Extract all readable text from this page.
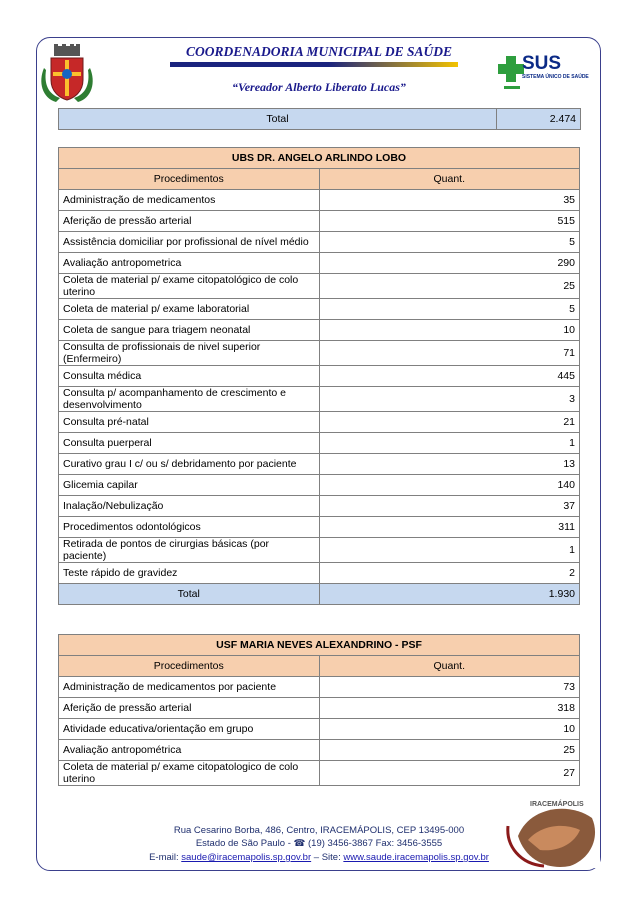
COORDENADORIA MUNICIPAL DE SAÚDE
“Vereador Alberto Liberato Lucas”
SUS
SISTEMA ÚNICO DE SAÚDE
Total	2.474
UBS DR. ANGELO ARLINDO LOBO	
Procedimentos	Quant.
Administração de medicamentos	35
Aferição de pressão arterial	515
Assistência domiciliar por profissional de nível médio	5
Avaliação antropometrica	290
Coleta de material p/ exame citopatológico de colo uterino	25
Coleta de material p/ exame laboratorial	5
Coleta de sangue para triagem neonatal	10
Consulta de profissionais de nivel superior (Enfermeiro)	71
Consulta médica	445
Consulta p/ acompanhamento de crescimento e desenvolvimento	3
Consulta pré-natal	21
Consulta puerperal	1
Curativo grau I c/ ou s/ debridamento por paciente	13
Glicemia capilar	140
Inalação/Nebulização	37
Procedimentos odontológicos	311
Retirada de pontos de cirurgias básicas (por paciente)	1
Teste rápido de gravidez	2
Total	1.930
USF MARIA NEVES ALEXANDRINO - PSF	
Procedimentos	Quant.
Administração de medicamentos por paciente	73
Aferição de pressão arterial	318
Atividade educativa/orientação em grupo	10
Avaliação antropométrica	25
Coleta de material p/ exame citopatologico de colo uterino	27
Rua Cesarino Borba, 486, Centro, IRACEMÁPOLIS, CEP 13495-000
Estado de São Paulo - ☎ (19) 3456-3867 Fax: 3456-3555
E-mail: saude@iracemapolis.sp.gov.br – Site: www.saude.iracemapolis.sp.gov.br
IRACEMÁPOLIS
